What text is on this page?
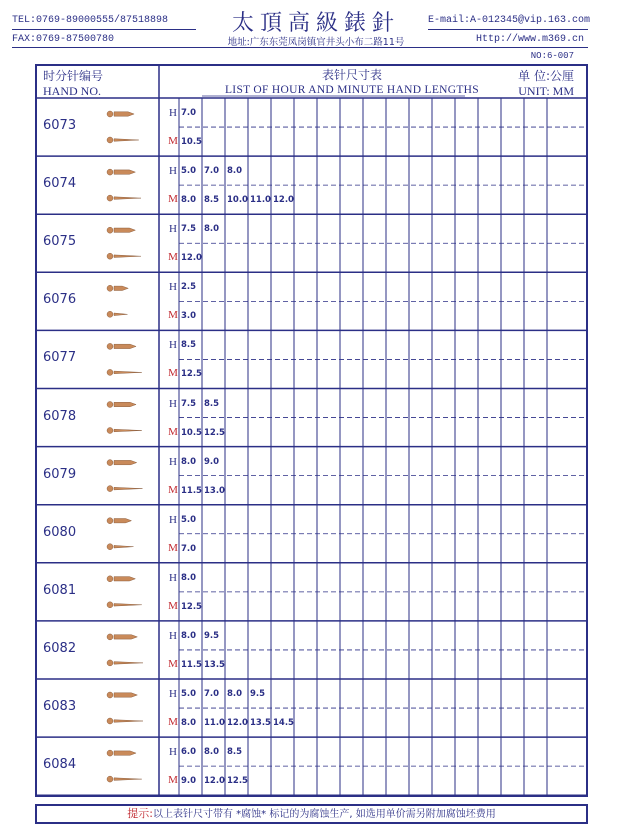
TEL:0769-89000555/87518898
FAX:0769-87500780
太頂高級錶針
地址:广东东莞凤岗镇官井头小布二路11号
E-mail:A-012345@vip.163.com
Http://www.m369.cn
NO:6-007
时分针编号
HAND NO.
表针尺寸表
LIST OF HOUR AND MINUTE HAND LENGTHS
单 位:公厘
UNIT: MM
6073
H
M
7.0
10.5
6074
H
M
5.0 7.0 8.0
8.0 8.5 10.0 11.0 12.0
6075
H
M
7.5 8.0
12.0
6076
H
M
2.5
3.0
6077
H
M
8.5
12.5
6078
H
M
7.5 8.5
10.5 12.5
6079
H
M
8.0 9.0
11.5 13.0
6080
H
M
5.0
7.0
6081
H
M
8.0
12.5
6082
H
M
8.0 9.5
11.5 13.5
6083
H
M
5.0 7.0 8.0 9.5
8.0 11.0 12.0 13.5 14.5
6084
H
M
6.0 8.0 8.5
9.0 12.0 12.5
提示:以上表针尺寸带有 *腐蚀* 标记的为腐蚀生产, 如选用单价需另附加腐蚀坯费用
